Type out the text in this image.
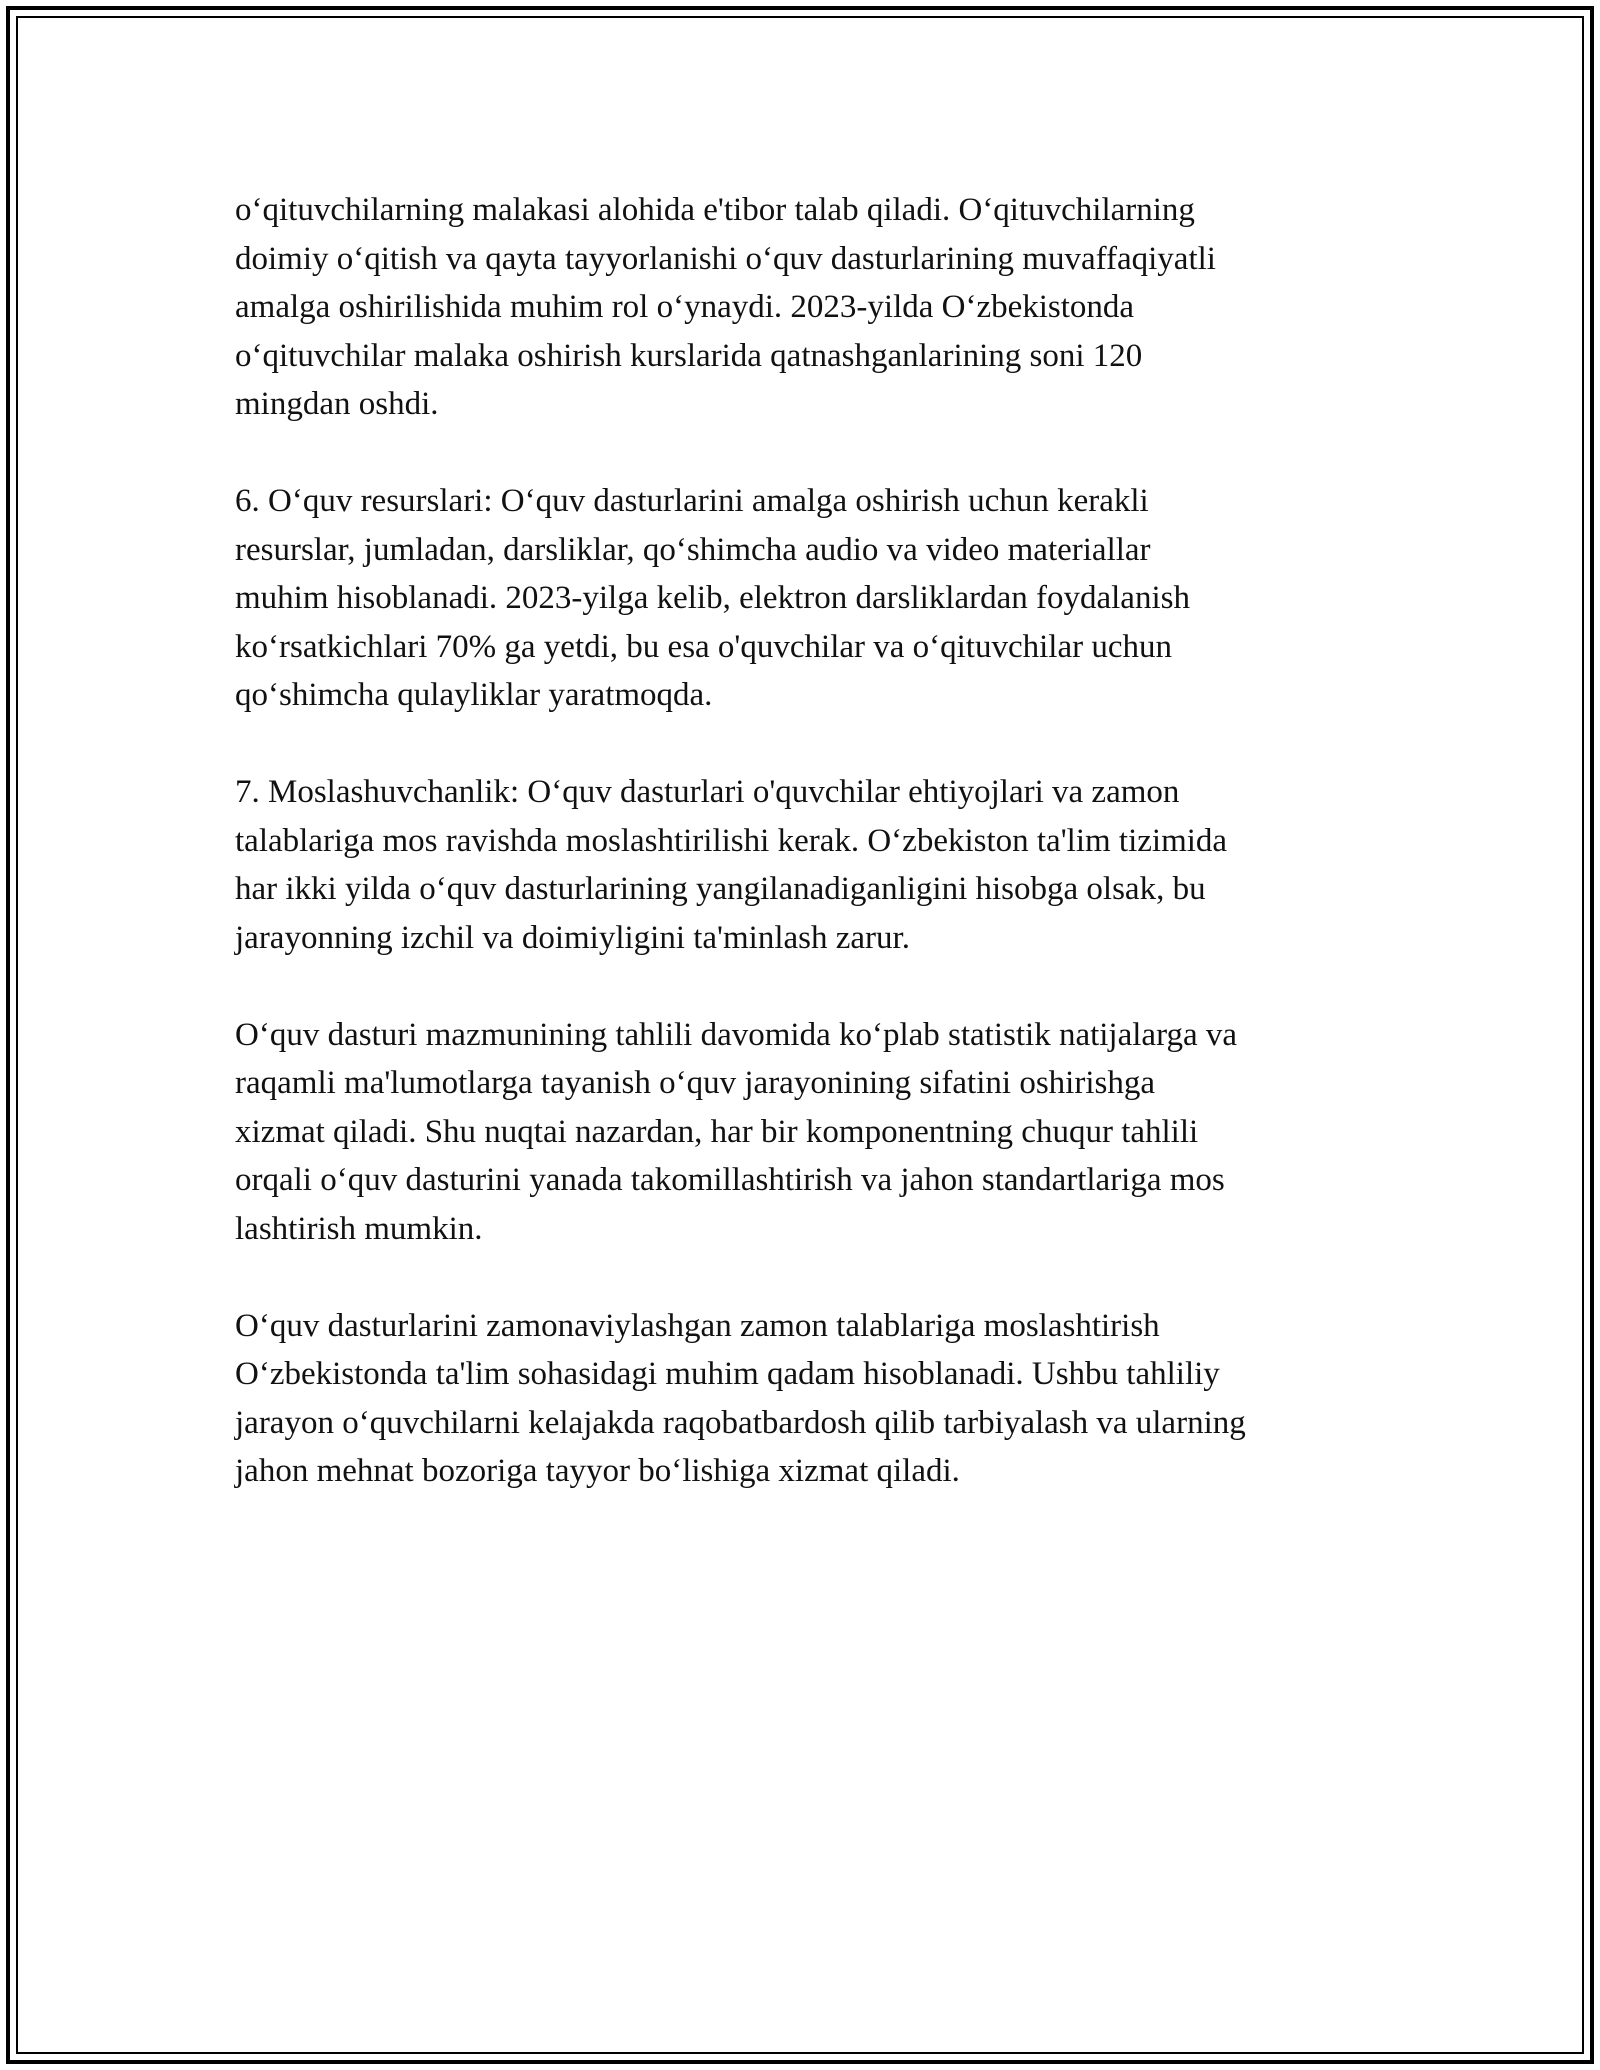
o‘qituvchilarning malakasi alohida e'tibor talab qiladi. O‘qituvchilarning
doimiy o‘qitish va qayta tayyorlanishi o‘quv dasturlarining muvaffaqiyatli
amalga oshirilishida muhim rol o‘ynaydi. 2023-yilda O‘zbekistonda
o‘qituvchilar malaka oshirish kurslarida qatnashganlarining soni 120
mingdan oshdi.

6. O‘quv resurslari: O‘quv dasturlarini amalga oshirish uchun kerakli
resurslar, jumladan, darsliklar, qo‘shimcha audio va video materiallar
muhim hisoblanadi. 2023-yilga kelib, elektron darsliklardan foydalanish
ko‘rsatkichlari 70% ga yetdi, bu esa o'quvchilar va o‘qituvchilar uchun
qo‘shimcha qulayliklar yaratmoqda.

7. Moslashuvchanlik: O‘quv dasturlari o'quvchilar ehtiyojlari va zamon
talablariga mos ravishda moslashtirilishi kerak. O‘zbekiston ta'lim tizimida
har ikki yilda o‘quv dasturlarining yangilanadiganligini hisobga olsak, bu
jarayonning izchil va doimiyligini ta'minlash zarur.

O‘quv dasturi mazmunining tahlili davomida ko‘plab statistik natijalarga va
raqamli ma'lumotlarga tayanish o‘quv jarayonining sifatini oshirishga
xizmat qiladi. Shu nuqtai nazardan, har bir komponentning chuqur tahlili
orqali o‘quv dasturini yanada takomillashtirish va jahon standartlariga mos
lashtirish mumkin.

O‘quv dasturlarini zamonaviylashgan zamon talablariga moslashtirish
O‘zbekistonda ta'lim sohasidagi muhim qadam hisoblanadi. Ushbu tahliliy
jarayon o‘quvchilarni kelajakda raqobatbardosh qilib tarbiyalash va ularning
jahon mehnat bozoriga tayyor bo‘lishiga xizmat qiladi.
